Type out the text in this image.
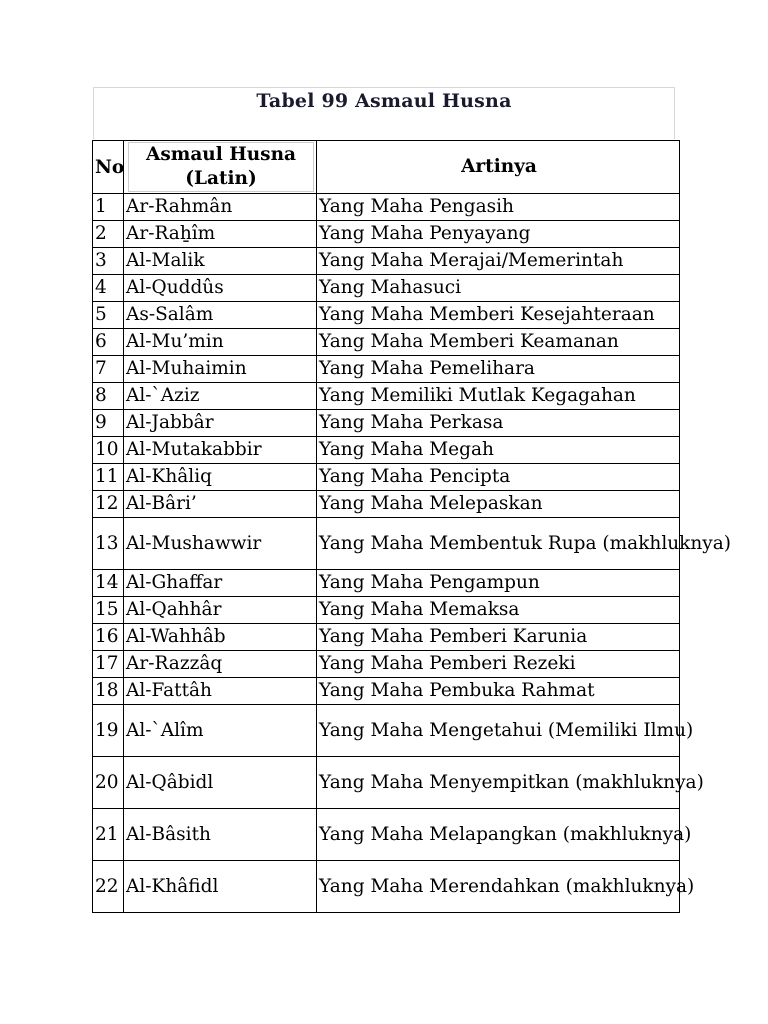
Tabel 99 Asmaul Husna
No	Asmaul Husna (Latin)	Artinya
1	Ar-Rahmân	Yang Maha Pengasih
2	Ar-Raẖîm	Yang Maha Penyayang
3	Al-Malik	Yang Maha Merajai/Memerintah
4	Al-Quddûs	Yang Mahasuci
5	As-Salâm	Yang Maha Memberi Kesejahteraan
6	Al-Mu’min	Yang Maha Memberi Keamanan
7	Al-Muhaimin	Yang Maha Pemelihara
8	Al-`Aziz	Yang Memiliki Mutlak Kegagahan
9	Al-Jabbâr	Yang Maha Perkasa
10	Al-Mutakabbir	Yang Maha Megah
11	Al-Khâliq	Yang Maha Pencipta
12	Al-Bâri’	Yang Maha Melepaskan
13	Al-Mushawwir	Yang Maha Membentuk Rupa (makhluknya)
14	Al-Ghaffar	Yang Maha Pengampun
15	Al-Qahhâr	Yang Maha Memaksa
16	Al-Wahhâb	Yang Maha Pemberi Karunia
17	Ar-Razzâq	Yang Maha Pemberi Rezeki
18	Al-Fattâh	Yang Maha Pembuka Rahmat
19	Al-`Alîm	Yang Maha Mengetahui (Memiliki Ilmu)
20	Al-Qâbidl	Yang Maha Menyempitkan (makhluknya)
21	Al-Bâsith	Yang Maha Melapangkan (makhluknya)
22	Al-Khâfidl	Yang Maha Merendahkan (makhluknya)
